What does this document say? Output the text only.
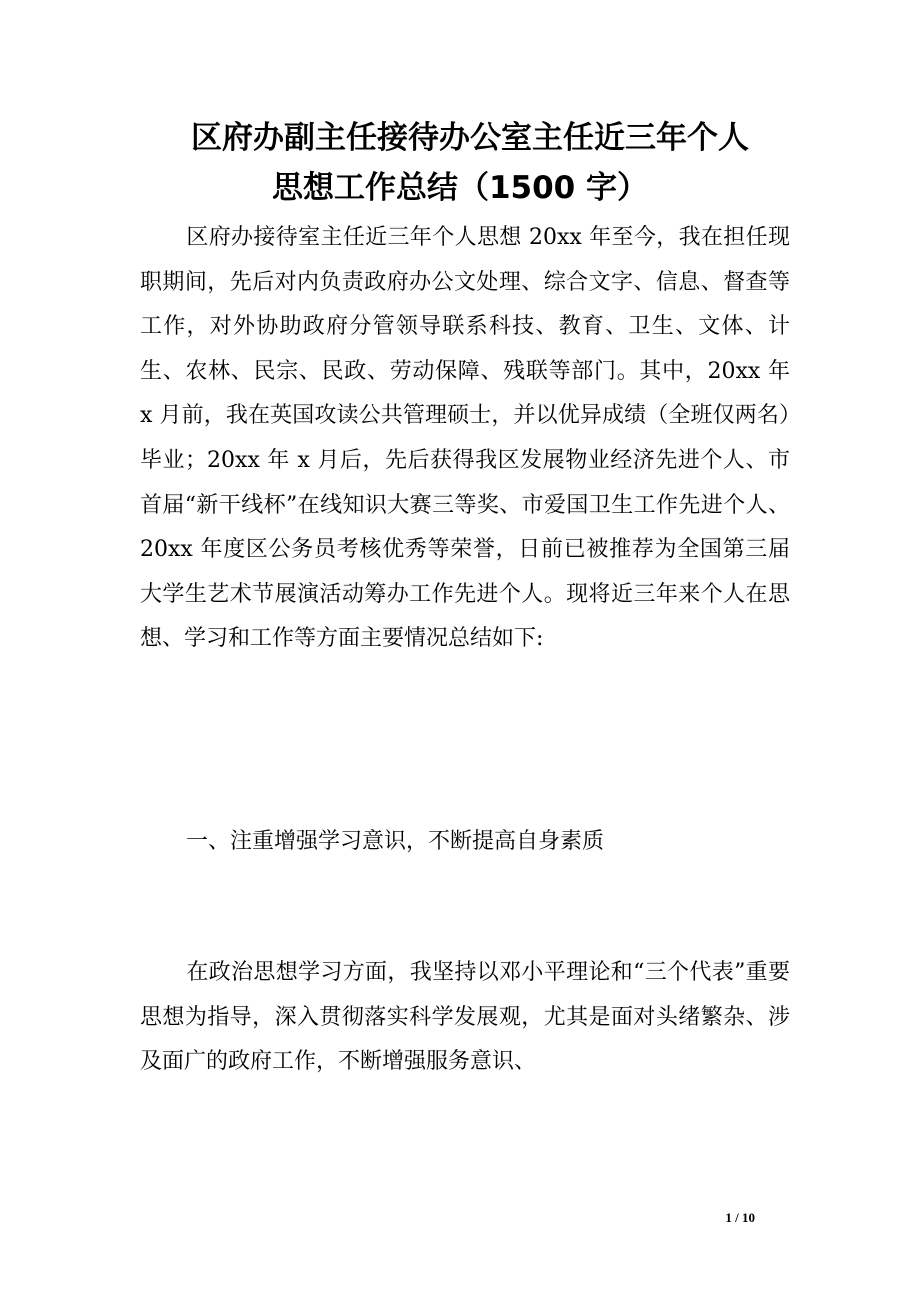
区府办副主任接待办公室主任近三年个人
思想工作总结（1500 字）

区府办接待室主任近三年个人思想 20xx 年至今，我在担任现职期间，先后对内负责政府办公文处理、综合文字、信息、督查等工作，对外协助政府分管领导联系科技、教育、卫生、文体、计生、农林、民宗、民政、劳动保障、残联等部门。其中，20xx 年 x 月前，我在英国攻读公共管理硕士，并以优异成绩（全班仅两名）毕业；20xx 年 x 月后，先后获得我区发展物业经济先进个人、市首届“新干线杯”在线知识大赛三等奖、市爱国卫生工作先进个人、20xx 年度区公务员考核优秀等荣誉，日前已被推荐为全国第三届大学生艺术节展演活动筹办工作先进个人。现将近三年来个人在思想、学习和工作等方面主要情况总结如下:

一、注重增强学习意识，不断提高自身素质

在政治思想学习方面，我坚持以邓小平理论和“三个代表”重要思想为指导，深入贯彻落实科学发展观，尤其是面对头绪繁杂、涉及面广的政府工作，不断增强服务意识、

1 / 10
